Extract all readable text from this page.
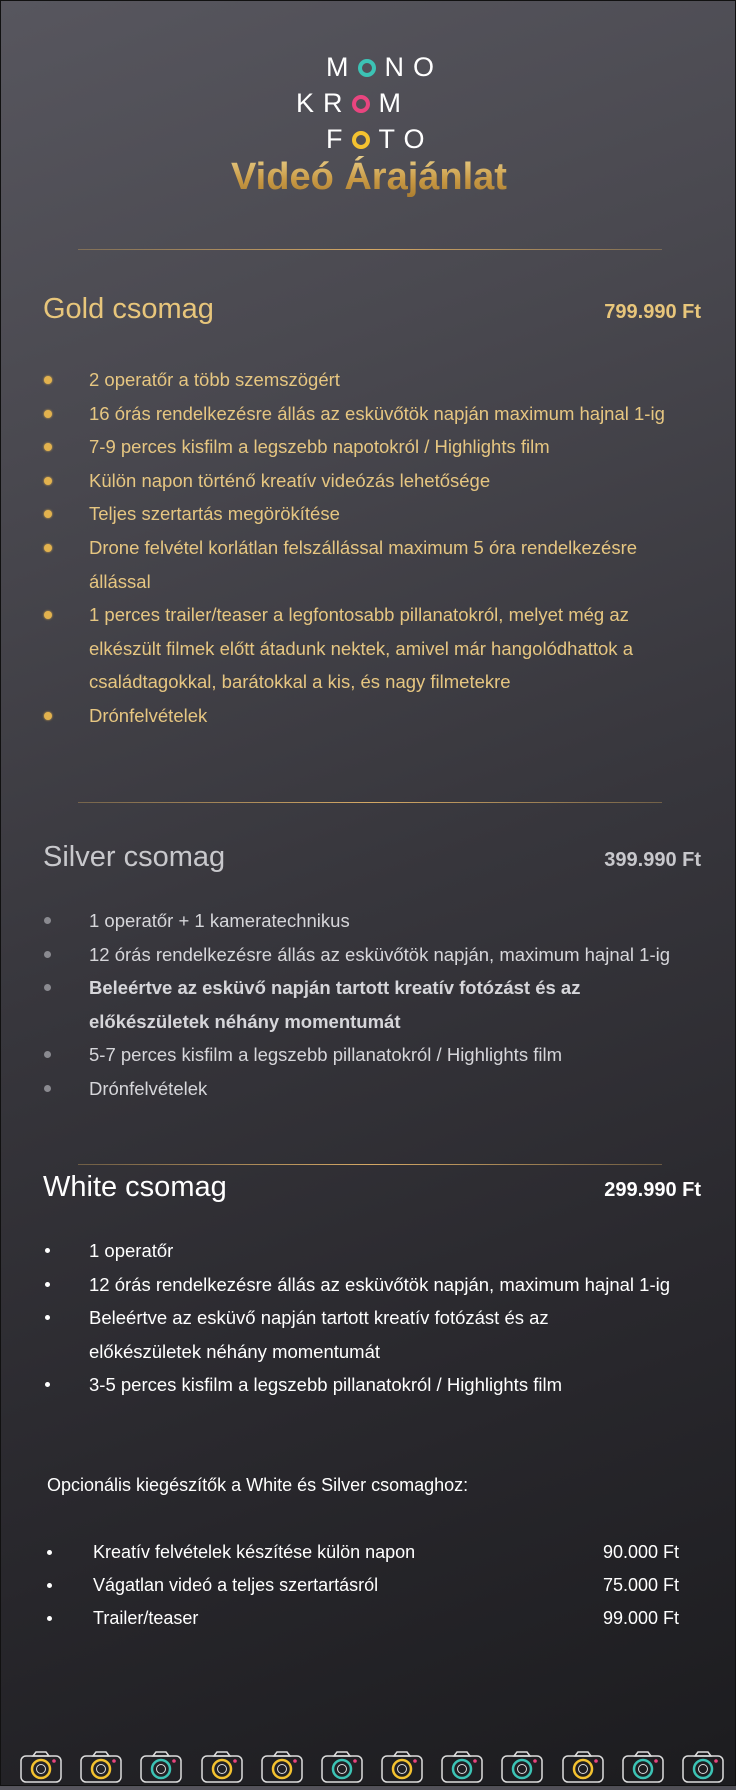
M NO
KR M
F TO
Videó Árajánlat
Gold csomag	799.990 Ft
2 operatőr a több szemszögért
16 órás rendelkezésre állás az esküvőtök napján maximum hajnal 1-ig
7-9 perces kisfilm a legszebb napotokról / Highlights film
Külön napon történő kreatív videózás lehetősége
Teljes szertartás megörökítése
Drone felvétel korlátlan felszállással maximum 5 óra rendelkezésre állással
1 perces trailer/teaser a legfontosabb pillanatokról, melyet még az elkészült filmek előtt átadunk nektek, amivel már hangolódhattok a családtagokkal, barátokkal a kis, és nagy filmetekre
Drónfelvételek
Silver csomag	399.990 Ft
1 operatőr + 1 kameratechnikus
12 órás rendelkezésre állás az esküvőtök napján, maximum hajnal 1-ig
Beleértve az esküvő napján tartott kreatív fotózást és az előkészületek néhány momentumát
5-7 perces kisfilm a legszebb pillanatokról / Highlights film
Drónfelvételek
White csomag	299.990 Ft
1 operatőr
12 órás rendelkezésre állás az esküvőtök napján, maximum hajnal 1-ig
Beleértve az esküvő napján tartott kreatív fotózást és az előkészületek néhány momentumát
3-5 perces kisfilm a legszebb pillanatokról / Highlights film
Opcionális kiegészítők a White és Silver csomaghoz:
Kreatív felvételek készítése külön napon	90.000 Ft
Vágatlan videó a teljes szertartásról	75.000 Ft
Trailer/teaser	99.000 Ft
